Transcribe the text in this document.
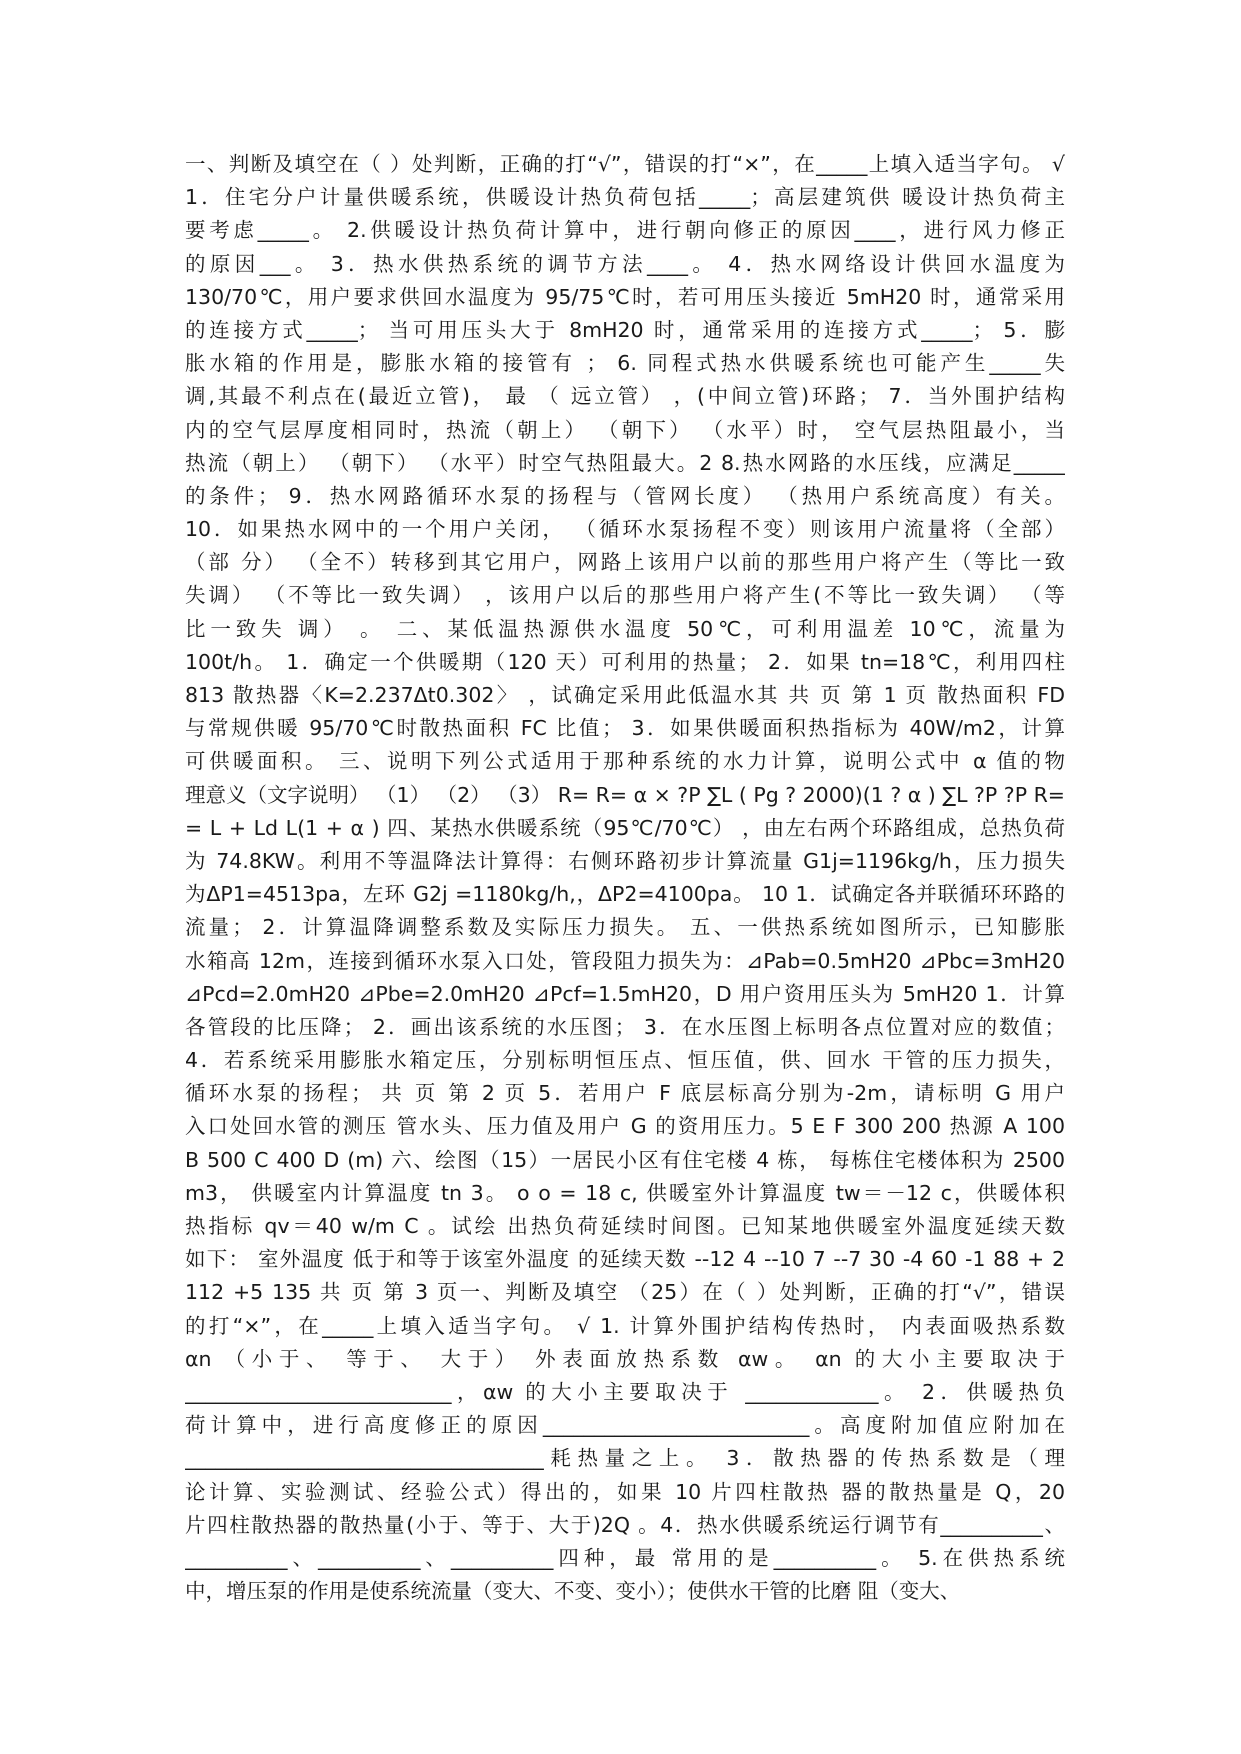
一、判断及填空在（ ）处判断，正确的打“√”，错误的打“×”，在_____上填入适当字句。 √
1．住宅分户计量供暖系统，供暖设计热负荷包括_____；高层建筑供 暖设计热负荷主
要考虑_____。 2.供暖设计热负荷计算中，进行朝向修正的原因____，进行风力修正
的原因___。 3．热水供热系统的调节方法____。 4．热水网络设计供回水温度为
130/70℃，用户要求供回水温度为 95/75℃时，若可用压头接近 5mH20 时，通常采用
的连接方式_____； 当可用压头大于 8mH20 时，通常采用的连接方式_____； 5．膨
胀水箱的作用是，膨胀水箱的接管有 ； 6. 同程式热水供暖系统也可能产生_____失
调,其最不利点在(最近立管)， 最 （ 远立管） ，(中间立管)环路； 7．当外围护结构
内的空气层厚度相同时，热流（朝上） （朝下） （水平）时， 空气层热阻最小，当
热流（朝上） （朝下） （水平）时空气热阻最大。2 8.热水网路的水压线，应满足_____
的条件； 9．热水网路循环水泵的扬程与（管网长度） （热用户系统高度）有关。
10．如果热水网中的一个用户关闭， （循环水泵扬程不变）则该用户流量将（全部）
（部 分） （全不）转移到其它用户，网路上该用户以前的那些用户将产生（等比一致
失调） （不等比一致失调） ，该用户以后的那些用户将产生(不等比一致失调） （等
比一致失 调） 。 二、某低温热源供水温度 50℃，可利用温差 10℃，流量为
100t/h。 1．确定一个供暖期（120 天）可利用的热量； 2．如果 tn=18℃，利用四柱
813 散热器〈K=2.237Δt0.302〉 ，试确定采用此低温水其 共 页 第 1 页 散热面积 FD
与常规供暖 95/70℃时散热面积 FC 比值； 3．如果供暖面积热指标为 40W/m2，计算
可供暖面积。 三、说明下列公式适用于那种系统的水力计算，说明公式中 α 值的物
理意义（文字说明） （1） （2） （3） R= R= α × ?P ∑L ( Pg ? 2000)(1 ? α ) ∑L ?P ?P R=
= L + Ld L(1 + α ) 四、某热水供暖系统（95℃/70℃） ，由左右两个环路组成，总热负荷
为 74.8KW。利用不等温降法计算得：右侧环路初步计算流量 G1j=1196kg/h，压力损失
为ΔP1=4513pa，左环 G2j =1180kg/h,，ΔP2=4100pa。 10 1．试确定各并联循环环路的
流量； 2．计算温降调整系数及实际压力损失。 五、一供热系统如图所示，已知膨胀
水箱高 12m，连接到循环水泵入口处，管段阻力损失为：⊿Pab=0.5mH20 ⊿Pbc=3mH20
⊿Pcd=2.0mH20 ⊿Pbe=2.0mH20 ⊿Pcf=1.5mH20，D 用户资用压头为 5mH20 1．计算
各管段的比压降； 2．画出该系统的水压图； 3．在水压图上标明各点位置对应的数值；
4．若系统采用膨胀水箱定压，分别标明恒压点、恒压值，供、回水 干管的压力损失，
循环水泵的扬程； 共 页 第 2 页 5．若用户 F 底层标高分别为-2m，请标明 G 用户
入口处回水管的测压 管水头、压力值及用户 G 的资用压力。5 E F 300 200 热源 A 100
B 500 C 400 D (m) 六、绘图（15）一居民小区有住宅楼 4 栋， 每栋住宅楼体积为 2500
m3， 供暖室内计算温度 tn 3。 o o = 18 c, 供暖室外计算温度 tw＝－12 c，供暖体积
热指标 qv＝40 w/m C 。试绘 出热负荷延续时间图。已知某地供暖室外温度延续天数
如下： 室外温度 低于和等于该室外温度 的延续天数 --12 4 --10 7 --7 30 -4 60 -1 88 + 2
112 +5 135 共 页 第 3 页一、判断及填空 （25）在（ ）处判断，正确的打“√”，错误
的打“×”，在_____上填入适当字句。 √ 1. 计算外围护结构传热时， 内表面吸热系数
αn （小于、 等于、 大于） 外表面放热系数 αw。 αn 的大小主要取决于
__________________________，αw 的大小主要取决于 _____________。 2．供暖热负
荷计算中，进行高度修正的原因__________________________。高度附加值应附加在
___________________________________耗热量之上。 3．散热器的传热系数是（理
论计算、实验测试、经验公式）得出的，如果 10 片四柱散热 器的散热量是 Q，20
片四柱散热器的散热量(小于、等于、大于)2Q 。4．热水供暖系统运行调节有__________、
__________、__________、__________四种，最 常用的是__________。 5.在供热系统
中，增压泵的作用是使系统流量（变大、不变、变小）；使供水干管的比磨 阻（变大、
